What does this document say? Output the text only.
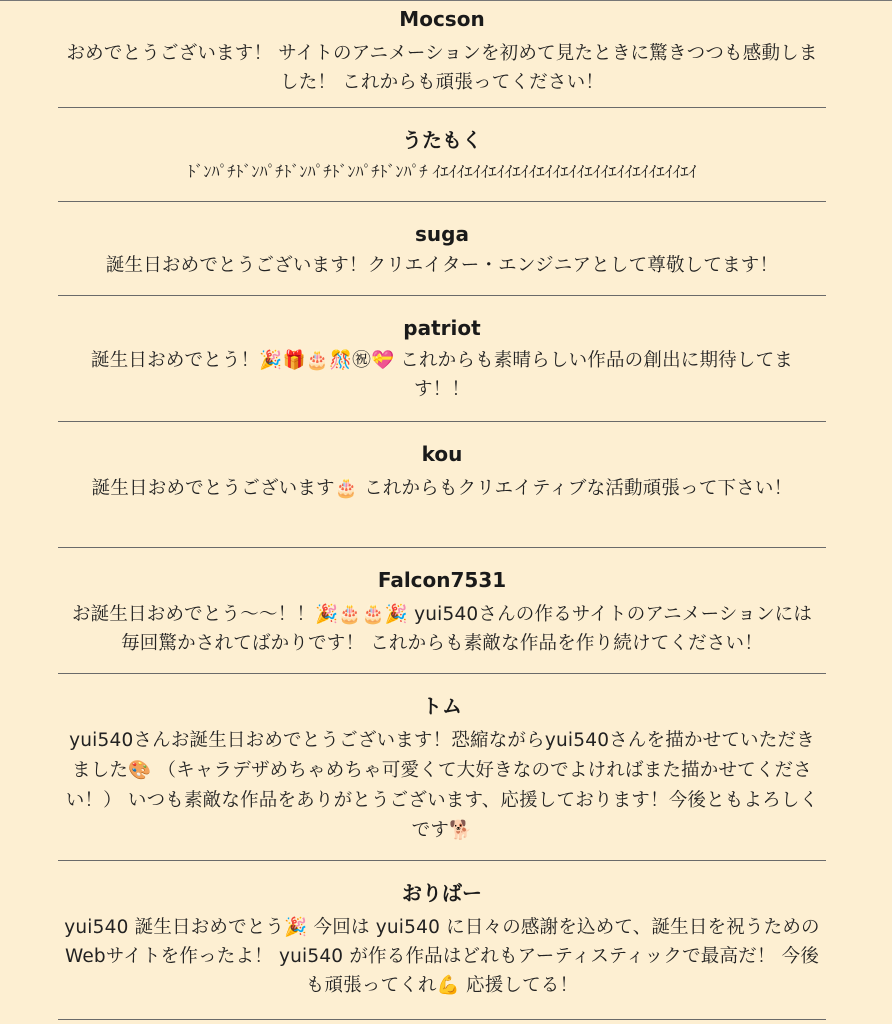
Mocson
おめでとうございます！ サイトのアニメーションを初めて見たときに驚きつつも感動しました！ これからも頑張ってください！
うたもく
ﾄﾞﾝﾊﾟﾁﾄﾞﾝﾊﾟﾁﾄﾞﾝﾊﾟﾁﾄﾞﾝﾊﾟﾁﾄﾞﾝﾊﾟﾁ ｲｴｲｲｴｲｲｴｲｲｴｲｲｴｲｲｴｲｲｴｲｲｴｲｲｴｲｲｴｲｲｴｲ
suga
誕生日おめでとうございます！クリエイター・エンジニアとして尊敬してます！
patriot
誕生日おめでとう！🎉🎁🎂🎊㊗💝 これからも素晴らしい作品の創出に期待してます！！
kou
誕生日おめでとうございます🎂 これからもクリエイティブな活動頑張って下さい！
Falcon7531
お誕生日おめでとう〜〜！！🎉🎂🎂🎉 yui540さんの作るサイトのアニメーションには毎回驚かされてばかりです！ これからも素敵な作品を作り続けてください！
トム
yui540さんお誕生日おめでとうございます！恐縮ながらyui540さんを描かせていただきました🎨 （キャラデザめちゃめちゃ可愛くて大好きなのでよければまた描かせてください！） いつも素敵な作品をありがとうございます、応援しております！今後ともよろしくです🐕
おりばー
yui540 誕生日おめでとう🎉 今回は yui540 に日々の感謝を込めて、誕生日を祝うためのWebサイトを作ったよ！ yui540 が作る作品はどれもアーティスティックで最高だ！ 今後も頑張ってくれ💪 応援してる！
